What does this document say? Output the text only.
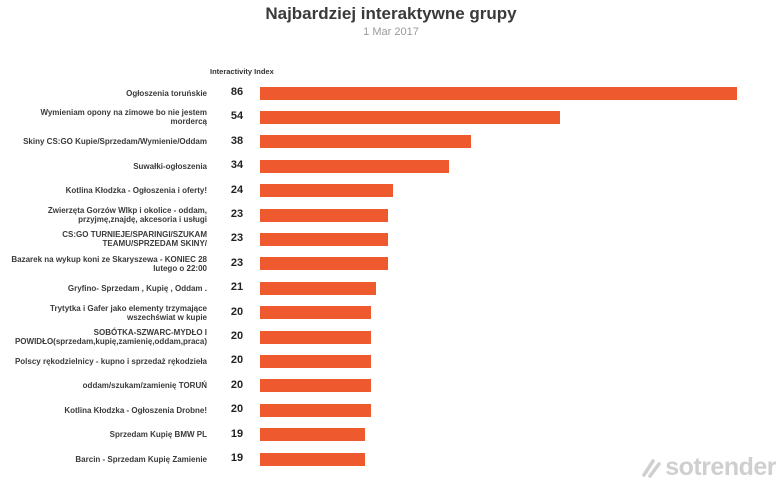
Najbardziej interaktywne grupy
1 Mar 2017
Interactivity Index
Ogłoszenia toruńskie	86
Wymieniam opony na zimowe bo nie jestem mordercą	54
Skiny CS:GO Kupie/Sprzedam/Wymienie/Oddam	38
Suwałki-ogłoszenia	34
Kotlina Kłodzka - Ogłoszenia i oferty!	24
Zwierzęta Gorzów Wlkp i okolice - oddam, przyjmę,znajdę, akcesoria i usługi	23
CS:GO TURNIEJE/SPARINGI/SZUKAM TEAMU/SPRZEDAM SKINY/	23
Bazarek na wykup koni ze Skaryszewa - KONIEC 28 lutego o 22:00	23
Gryfino- Sprzedam , Kupię , Oddam .	21
Trytytka i Gafer jako elementy trzymające wszechświat w kupie	20
SOBÓTKA-SZWARC-MYDŁO I POWIDŁO(sprzedam,kupię,zamienię,oddam,praca)	20
Polscy rękodzielnicy - kupno i sprzedaż rękodzieła	20
oddam/szukam/zamienię TORUŃ	20
Kotlina Kłodzka - Ogłoszenia Drobne!	20
Sprzedam Kupię BMW PL	19
Barcin - Sprzedam Kupię Zamienie	19	sotrender
